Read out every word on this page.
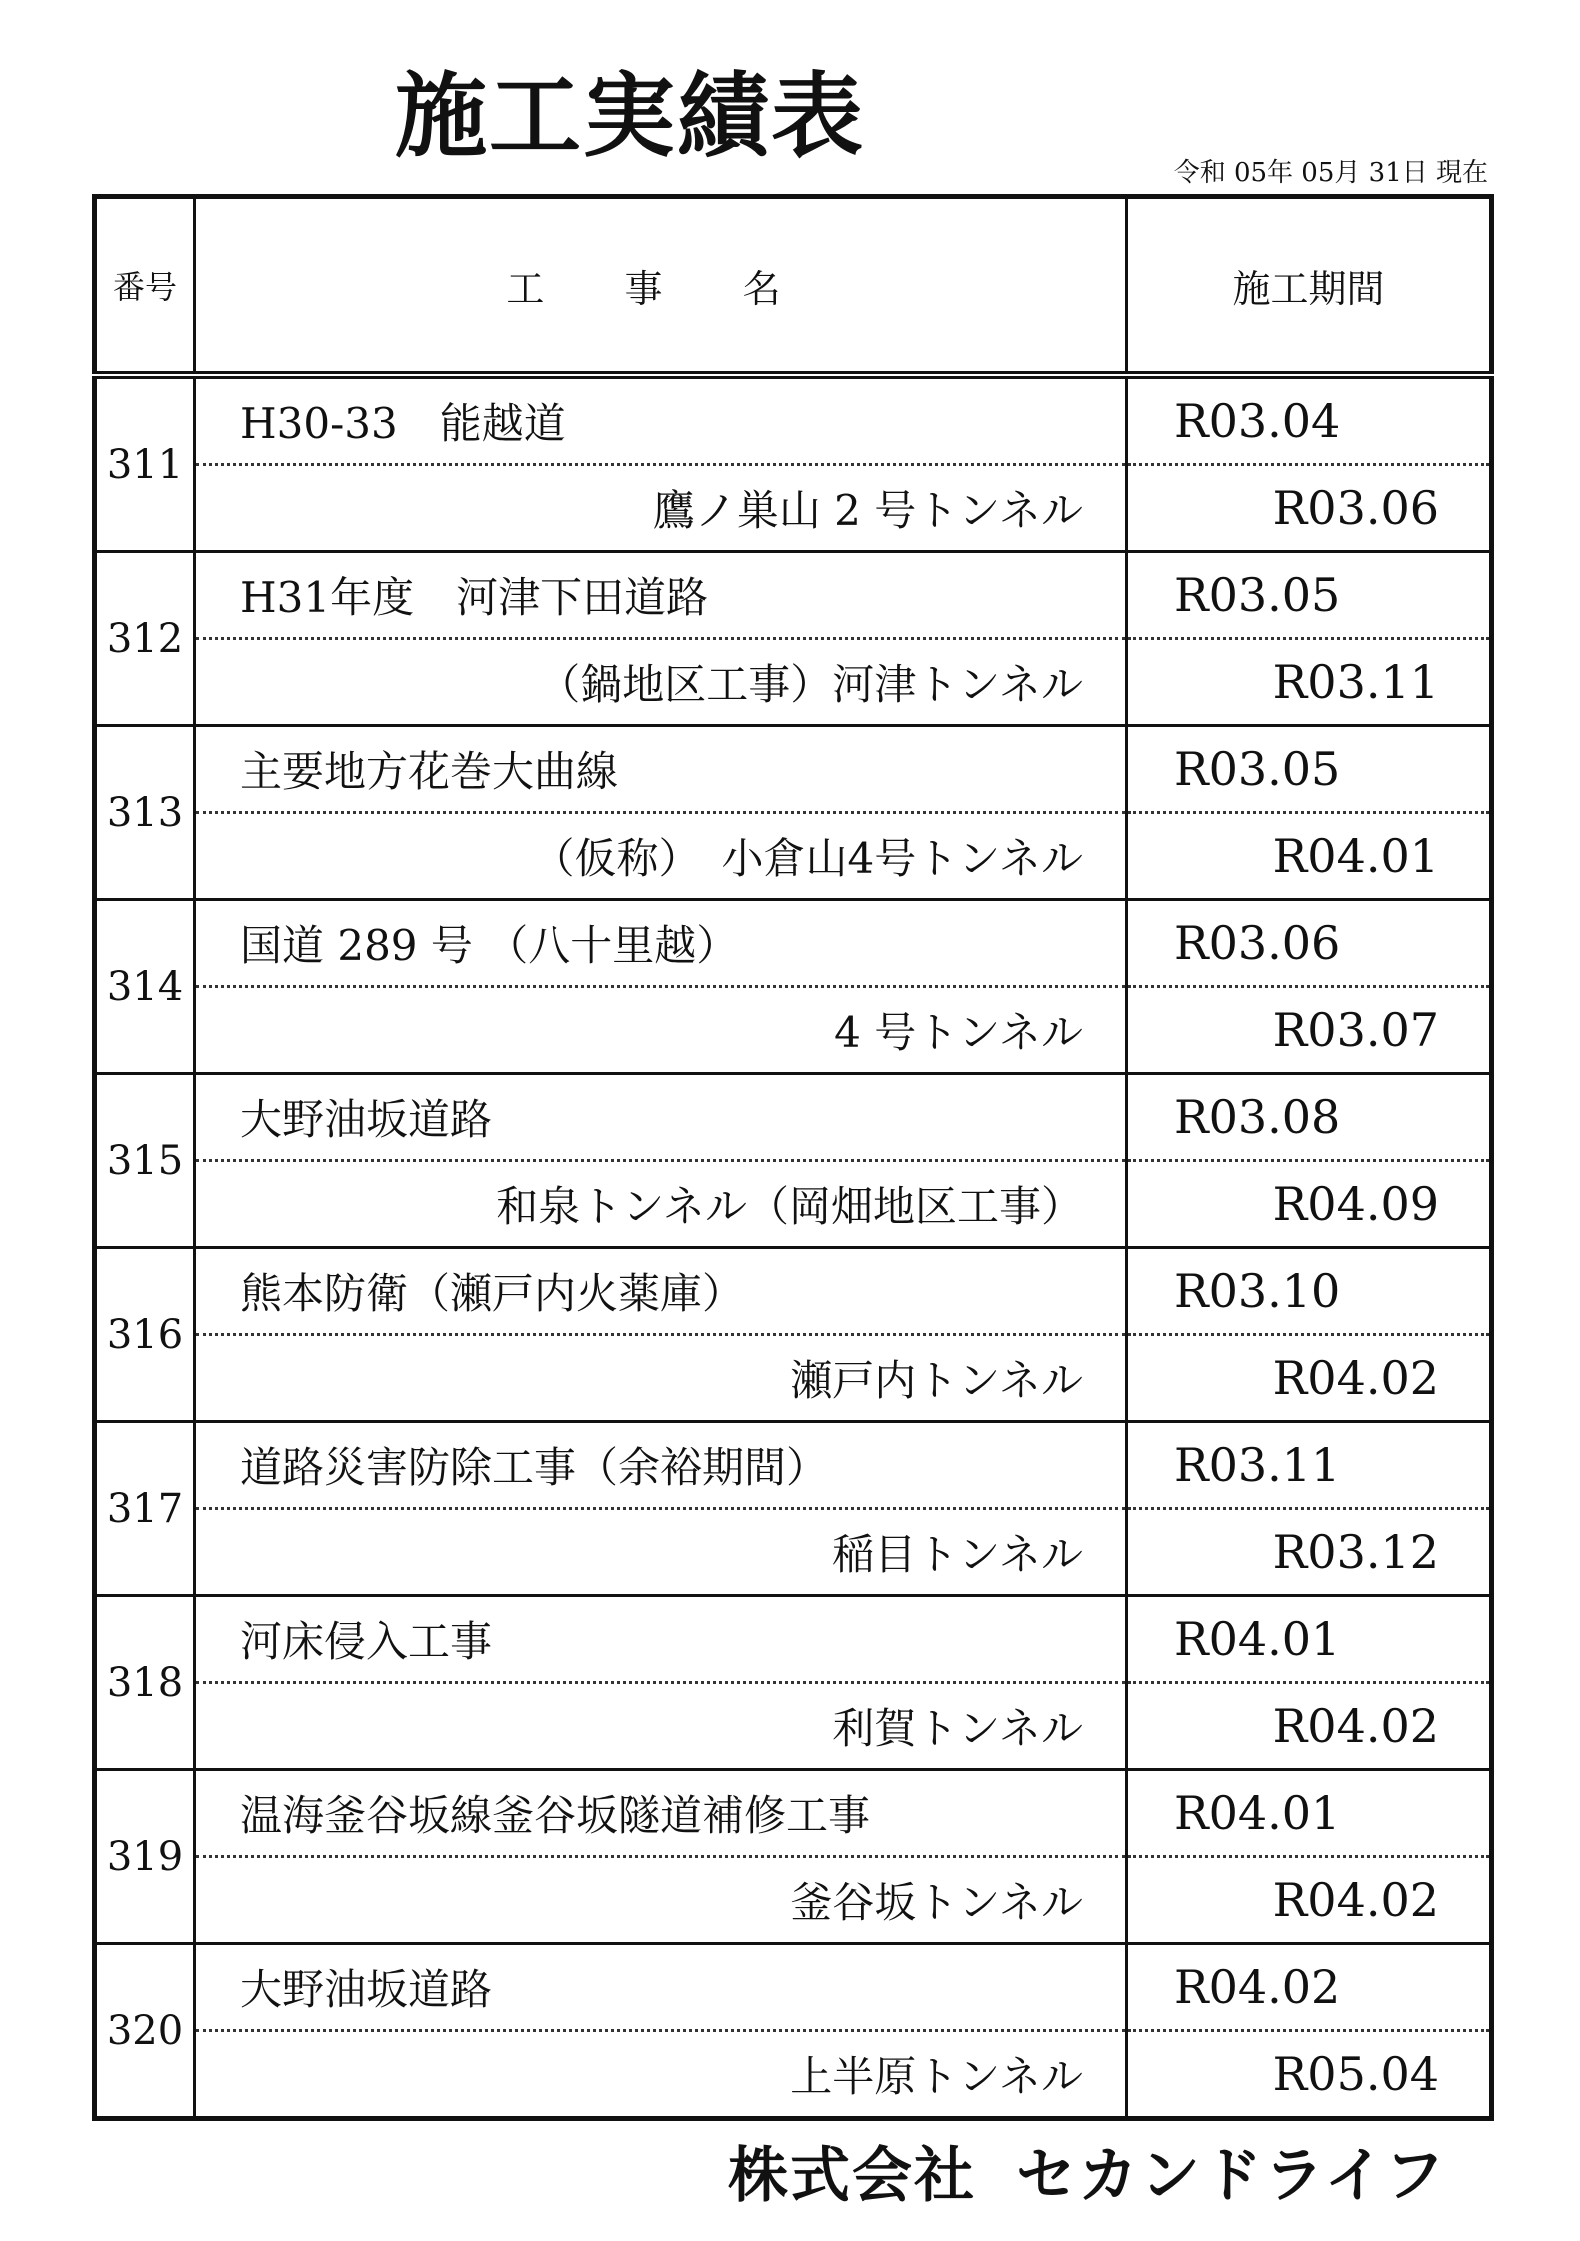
施工実績表
令和 05年 05月 31日 現在
番号	工 事 名	施工期間
311	H30-33　能越道	R03.04
	鷹ノ巣山 2 号トンネル	R03.06
312	H31年度　河津下田道路	R03.05
	（鍋地区工事）河津トンネル	R03.11
313	主要地方花巻大曲線	R03.05
	（仮称）　小倉山4号トンネル	R04.01
314	国道 289 号 （八十里越）	R03.06
	4 号トンネル	R03.07
315	大野油坂道路	R03.08
	和泉トンネル（岡畑地区工事）	R04.09
316	熊本防衛（瀬戸内火薬庫）	R03.10
	瀬戸内トンネル	R04.02
317	道路災害防除工事（余裕期間）	R03.11
	稲目トンネル	R03.12
318	河床侵入工事	R04.01
	利賀トンネル	R04.02
319	温海釜谷坂線釜谷坂隧道補修工事	R04.01
	釜谷坂トンネル	R04.02
320	大野油坂道路	R04.02
	上半原トンネル	R05.04
株式会社 セカンドライフ
